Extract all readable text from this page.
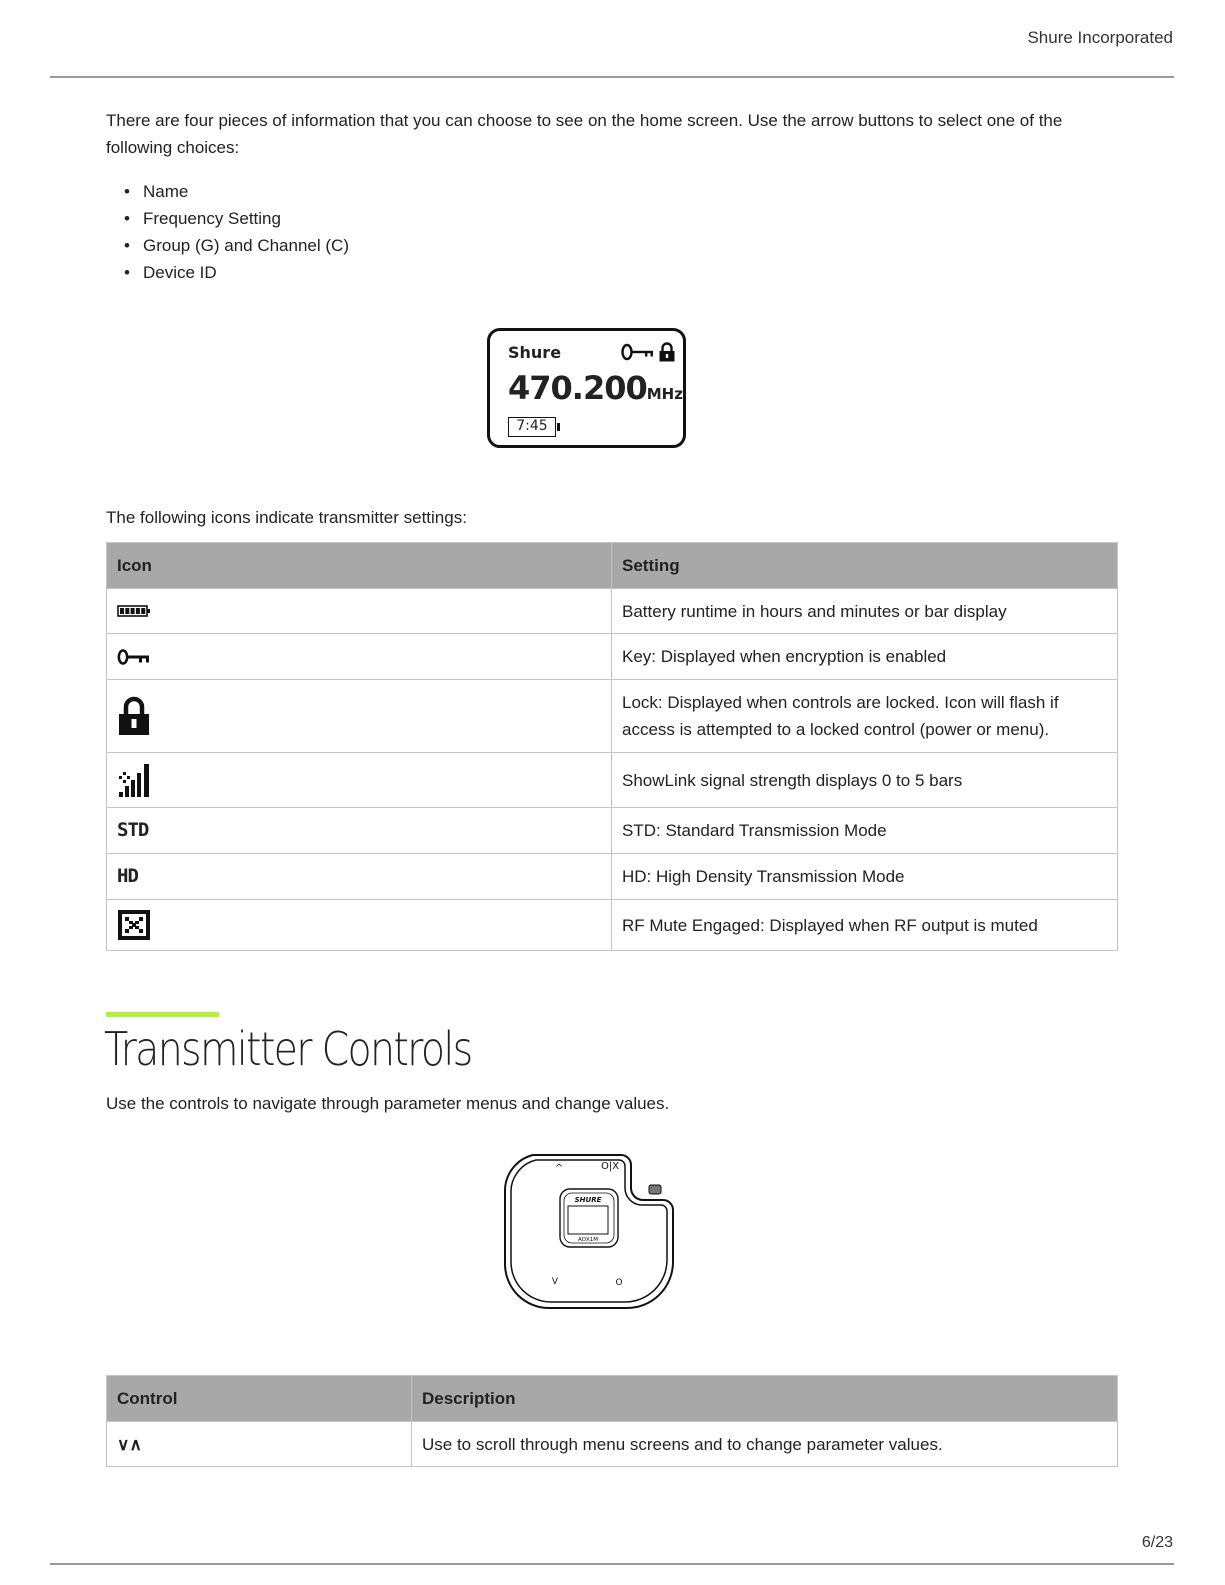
Shure Incorporated

There are four pieces of information that you can choose to see on the home screen. Use the arrow buttons to select one of the following choices:

• Name
• Frequency Setting
• Group (G) and Channel (C)
• Device ID
Shure
470.200MHz
7:45

The following icons indicate transmitter settings:

Icon	Setting

	Battery runtime in hours and minutes or bar display

	Key: Displayed when encryption is enabled

	Lock: Displayed when controls are locked. Icon will flash if access is attempted to a locked control (power or menu).

	ShowLink signal strength displays 0 to 5 bars
STD	STD: Standard Transmission Mode
HD	HD: High Density Transmission Mode

	RF Mute Engaged: Displayed when RF output is muted
Transmitter Controls

Use the controls to navigate through parameter menus and change values.

SHURE
ADX1M
^	O|X
V	O
Control	Description
∨∧	Use to scroll through menu screens and to change parameter values.
6/23
